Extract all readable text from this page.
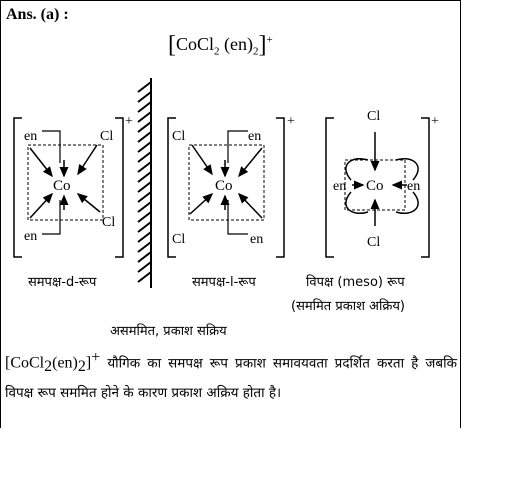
Ans. (a) :
[CoCl$_2$ $(en)_2]^+$
+
Co
en	Cl
Cl
en
+
Co
Cl	en
Cl	en
+
Co
Cl
en	en
Cl
समपक्ष-d-रूप	समपक्ष-l-रूप	विपक्ष (meso) रूप
(सममित प्रकाश अक्रिय)
असममित, प्रकाश सक्रिय
$[CoCl_2(en)_2]^+$ यौगिक का समपक्ष रूप प्रकाश समावयवता प्रदर्शित करता है जबकि विपक्ष रूप सममित होने के कारण प्रकाश अक्रिय होता है।
